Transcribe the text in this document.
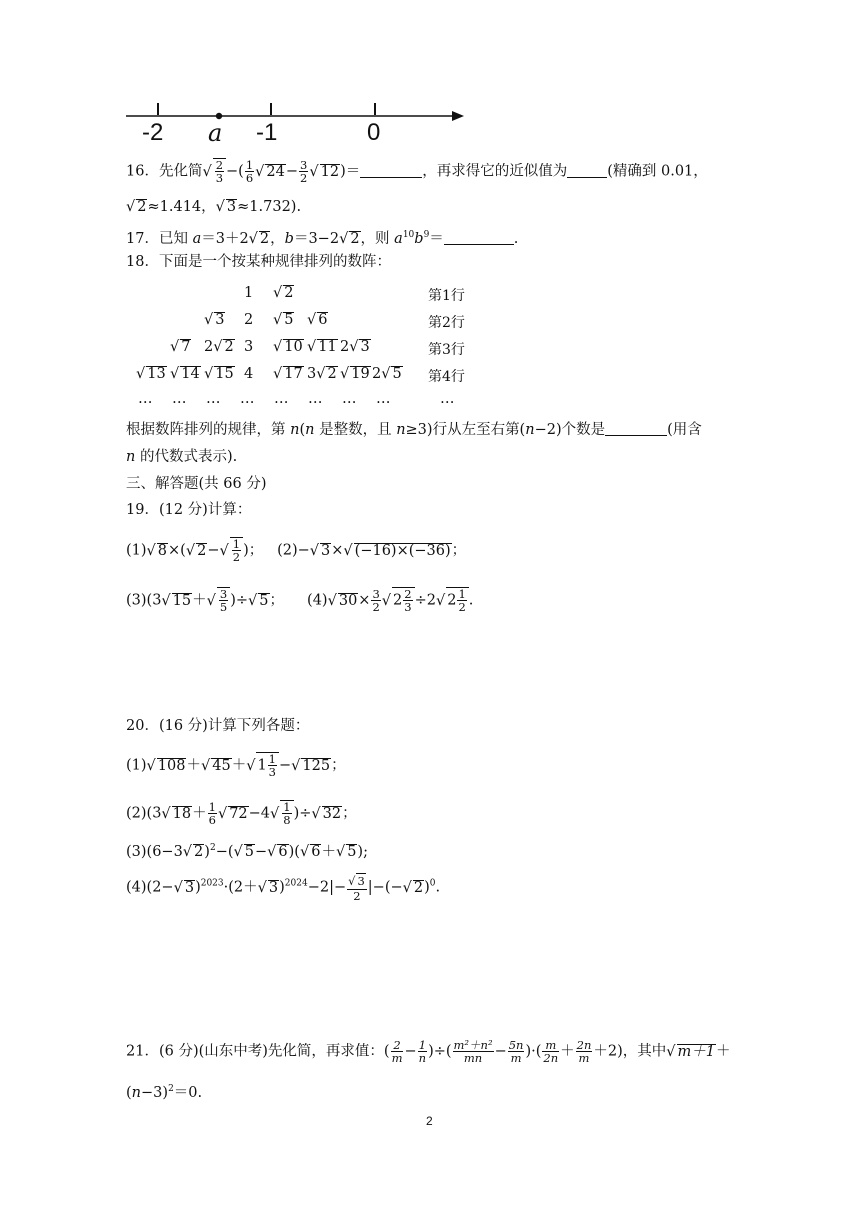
-2 a -1	0
16．先化简√ $\frac{2}{3}$ −( $\frac{1}{6}$
√ $24- \frac{3}{2}$
√ 12)＝	，再求得它的近似值为	(精确到 0.01，
√ 2≈1.414，√ 3≈1.732).
17．已知 a＝3＋2√ 2，b＝3−2√ 2，则 $a^{10}b^9=$	.
18．下面是一个按某种规律排列的数阵：
1
√	2	第1行
√ 3 2
√	5
√	6	第2行
√ 7 2√ 2 3
√	10
√	11 2√ 3	第3行
√ 13
√	14
√	15 4
√	17 3√ 2
√	19 2√ 5 第4行
… … … … … … … …	…
根据数阵排列的规律，第 n(n 是整数，且 n≥3)行从左至右第(n−2)个数是	(用含
n 的代数式表示).
三、解答题(共 66 分)
19．(12 分)计算：
(1)√ 8×(√ $2-√ \frac{1}{2}$ )； (2)−√ 3×√ (−16)×(−36)；
(3)(3√ $15+√ \frac{3}{5}$ )÷√ 5； (4)√ $30\times \frac{3}{2}$
√ $2 \frac{2}{3} \div 2√$ $2 \frac{1}{2}$ .
20．(16 分)计算下列各题：
(1)√ 108＋√ 45＋√ $1 \frac{1}{3}$ −√ 125；
(2)(3√ $18+ \frac{1}{6}$
√ $72-4√ \frac{1}{8}$ )÷√ 32；
(3)(6−3√ 2)$^2$−(√ 5−√ 6)(√ 6＋√ 5);
(4)(2−√ 3)$^{2023}$·(2＋√ 3)$^{2024}$−2|−
√ $\frac{3}{2}$ |−(−√ 2)$^0$.
21．(6 分)(山东中考)先化简，再求值：( $\frac{2}{m} - \frac{1}{n}$ )÷( $\frac{\text{m²＋n²}}{mn} - \frac{5n}{m}$ )·( $\frac{m}{2n} + \frac{2n}{m} +2$)，其中√ m＋1＋
$(n-3)^2=0$.
2
